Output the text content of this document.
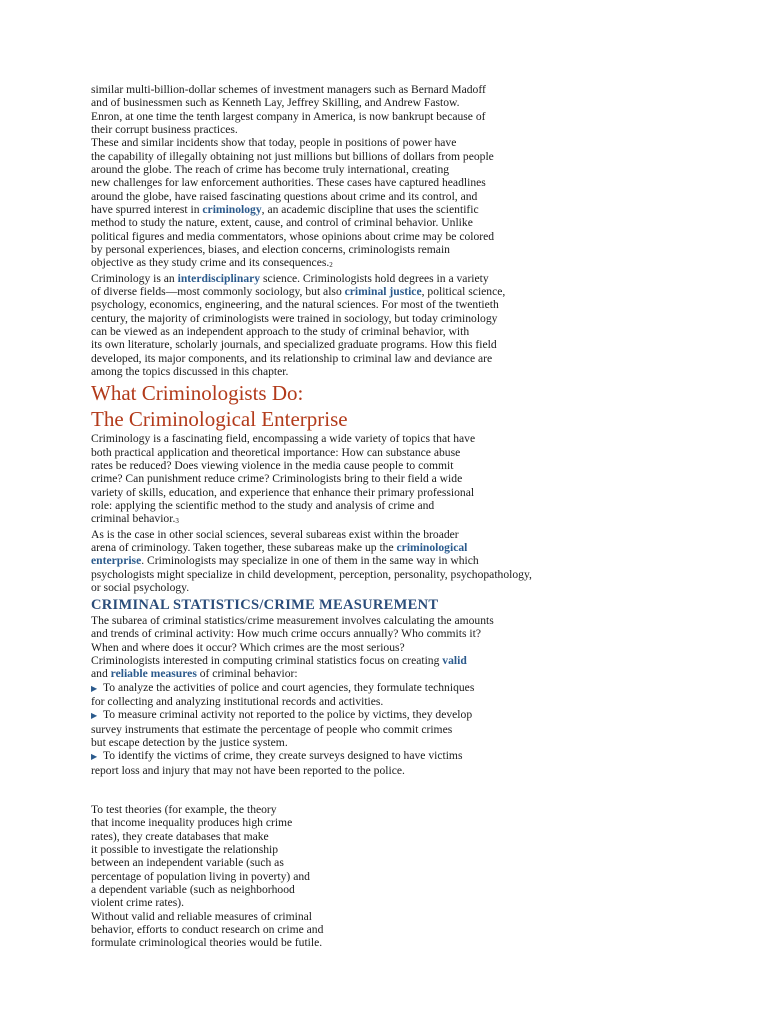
similar multi-billion-dollar schemes of investment managers such as Bernard Madoff

and of businessmen such as Kenneth Lay, Jeffrey Skilling, and Andrew Fastow.

Enron, at one time the tenth largest company in America, is now bankrupt because of

their corrupt business practices.

These and similar incidents show that today, people in positions of power have

the capability of illegally obtaining not just millions but billions of dollars from people

around the globe. The reach of crime has become truly international, creating

new challenges for law enforcement authorities. These cases have captured headlines

around the globe, have raised fascinating questions about crime and its control, and

have spurred interest in criminology, an academic discipline that uses the scientific

method to study the nature, extent, cause, and control of criminal behavior. Unlike

political figures and media commentators, whose opinions about crime may be colored

by personal experiences, biases, and election concerns, criminologists remain

objective as they study crime and its consequences.$^2$

Criminology is an interdisciplinary science. Criminologists hold degrees in a variety

of diverse fields—most commonly sociology, but also criminal justice, political science,

psychology, economics, engineering, and the natural sciences. For most of the twentieth

century, the majority of criminologists were trained in sociology, but today criminology

can be viewed as an independent approach to the study of criminal behavior, with

its own literature, scholarly journals, and specialized graduate programs. How this field

developed, its major components, and its relationship to criminal law and deviance are

among the topics discussed in this chapter.

What Criminologists Do:

The Criminological Enterprise

Criminology is a fascinating field, encompassing a wide variety of topics that have

both practical application and theoretical importance: How can substance abuse

rates be reduced? Does viewing violence in the media cause people to commit

crime? Can punishment reduce crime? Criminologists bring to their field a wide

variety of skills, education, and experience that enhance their primary professional

role: applying the scientific method to the study and analysis of crime and

criminal behavior.$^3$

As is the case in other social sciences, several subareas exist within the broader

arena of criminology. Taken together, these subareas make up the criminological

enterprise. Criminologists may specialize in one of them in the same way in which

psychologists might specialize in child development, perception, personality, psychopathology,

or social psychology.

CRIMINAL STATISTICS/CRIME MEASUREMENT

The subarea of criminal statistics/crime measurement involves calculating the amounts

and trends of criminal activity: How much crime occurs annually? Who commits it?

When and where does it occur? Which crimes are the most serious?

Criminologists interested in computing criminal statistics focus on creating valid

and reliable measures of criminal behavior:

▶ To analyze the activities of police and court agencies, they formulate techniques

for collecting and analyzing institutional records and activities.

▶ To measure criminal activity not reported to the police by victims, they develop

survey instruments that estimate the percentage of people who commit crimes

but escape detection by the justice system.

▶ To identify the victims of crime, they create surveys designed to have victims

report loss and injury that may not have been reported to the police.

To test theories (for example, the theory

that income inequality produces high crime

rates), they create databases that make

it possible to investigate the relationship

between an independent variable (such as

percentage of population living in poverty) and

a dependent variable (such as neighborhood

violent crime rates).

Without valid and reliable measures of criminal

behavior, efforts to conduct research on crime and

formulate criminological theories would be futile.
